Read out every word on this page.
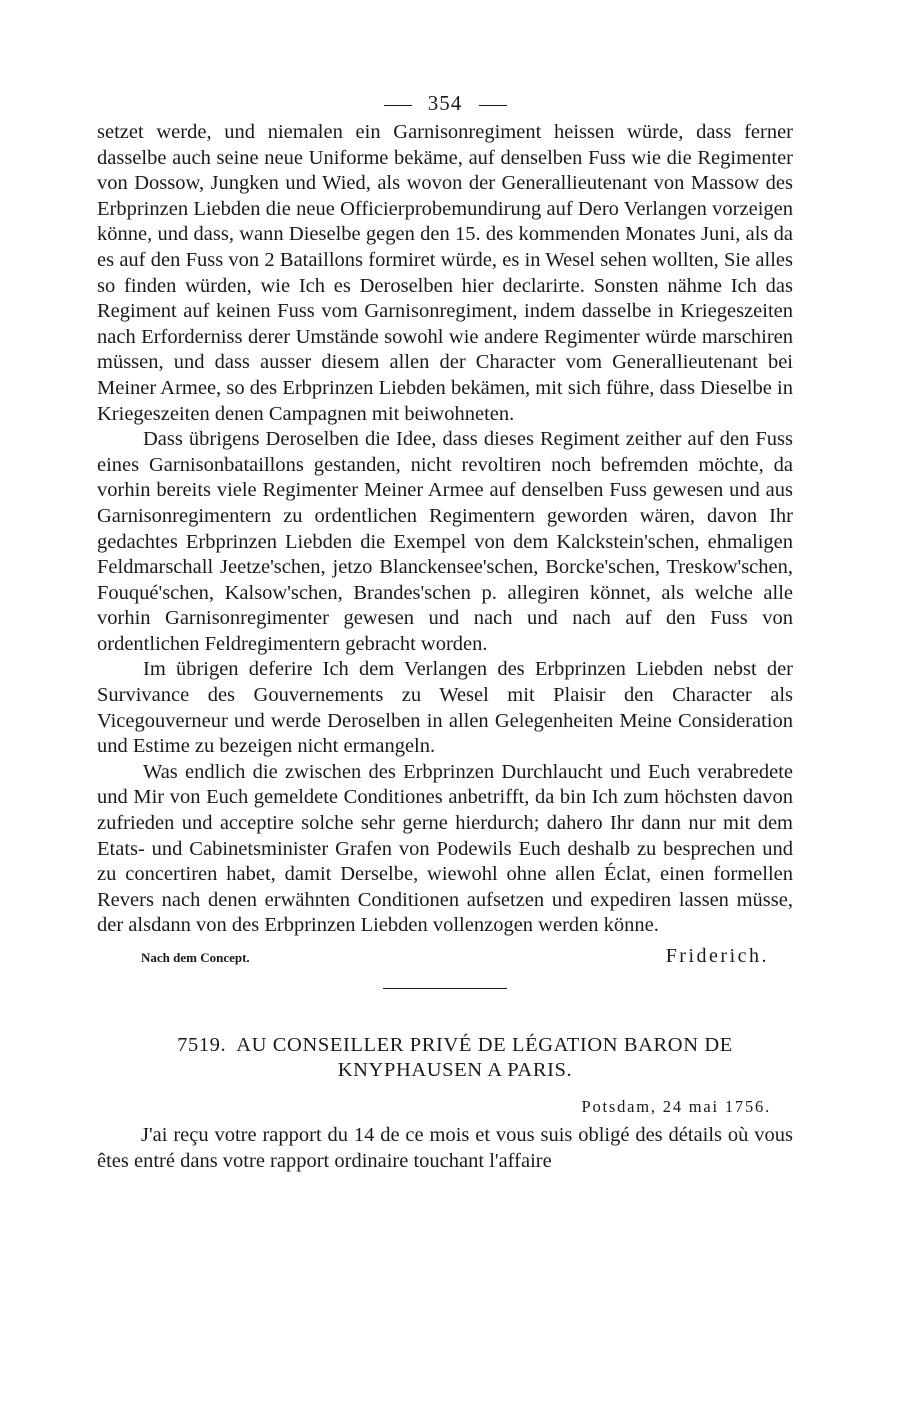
354

setzet werde, und niemalen ein Garnisonregiment heissen würde, dass ferner dasselbe auch seine neue Uniforme bekäme, auf denselben Fuss wie die Regimenter von Dossow, Jungken und Wied, als wovon der Generallieutenant von Massow des Erbprinzen Liebden die neue Officierprobemundirung auf Dero Verlangen vorzeigen könne, und dass, wann Dieselbe gegen den 15. des kommenden Monates Juni, als da es auf den Fuss von 2 Bataillons formiret würde, es in Wesel sehen wollten, Sie alles so finden würden, wie Ich es Deroselben hier declarirte. Sonsten nähme Ich das Regiment auf keinen Fuss vom Garnisonregiment, indem dasselbe in Kriegeszeiten nach Erforderniss derer Umstände sowohl wie andere Regimenter würde marschiren müssen, und dass ausser diesem allen der Character vom Generallieutenant bei Meiner Armee, so des Erbprinzen Liebden bekämen, mit sich führe, dass Dieselbe in Kriegeszeiten denen Campagnen mit beiwohneten.

Dass übrigens Deroselben die Idee, dass dieses Regiment zeither auf den Fuss eines Garnisonbataillons gestanden, nicht revoltiren noch befremden möchte, da vorhin bereits viele Regimenter Meiner Armee auf denselben Fuss gewesen und aus Garnisonregimentern zu ordentlichen Regimentern geworden wären, davon Ihr gedachtes Erbprinzen Liebden die Exempel von dem Kalckstein'schen, ehmaligen Feldmarschall Jeetze'schen, jetzo Blanckensee'schen, Borcke'schen, Treskow'schen, Fouqué'schen, Kalsow'schen, Brandes'schen p. allegiren könnet, als welche alle vorhin Garnisonregimenter gewesen und nach und nach auf den Fuss von ordentlichen Feldregimentern gebracht worden.

Im übrigen deferire Ich dem Verlangen des Erbprinzen Liebden nebst der Survivance des Gouvernements zu Wesel mit Plaisir den Character als Vicegouverneur und werde Deroselben in allen Gelegenheiten Meine Consideration und Estime zu bezeigen nicht ermangeln.

Was endlich die zwischen des Erbprinzen Durchlaucht und Euch verabredete und Mir von Euch gemeldete Conditiones anbetrifft, da bin Ich zum höchsten davon zufrieden und acceptire solche sehr gerne hierdurch; dahero Ihr dann nur mit dem Etats- und Cabinetsminister Grafen von Podewils Euch deshalb zu besprechen und zu concertiren habet, damit Derselbe, wiewohl ohne allen Éclat, einen formellen Revers nach denen erwähnten Conditionen aufsetzen und expediren lassen müsse, der alsdann von des Erbprinzen Liebden vollenzogen werden könne.

Nach dem Concept.	Friderich.
7519. AU CONSEILLER PRIVÉ DE LÉGATION BARON DE
KNYPHAUSEN A PARIS.
Potsdam, 24 mai 1756.

J'ai reçu votre rapport du 14 de ce mois et vous suis obligé des détails où vous êtes entré dans votre rapport ordinaire touchant l'affaire
